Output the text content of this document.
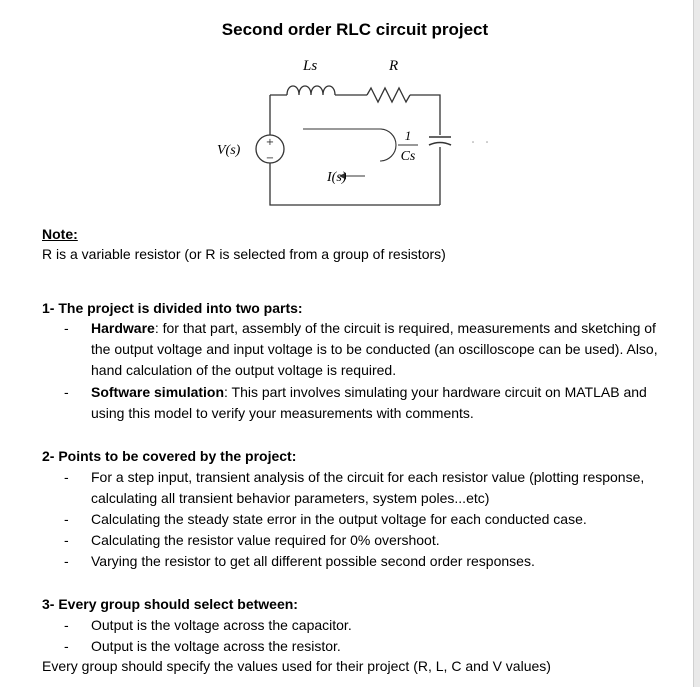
Second order RLC circuit project
+
−
Ls	R
V(s)
I(s)
1
Cs
Note:
R is a variable resistor (or R is selected from a group of resistors)
1- The project is divided into two parts:
- Hardware: for that part, assembly of the circuit is required, measurements and sketching of the output voltage and input voltage is to be conducted (an oscilloscope can be used). Also, hand calculation of the output voltage is required.
- Software simulation: This part involves simulating your hardware circuit on MATLAB and using this model to verify your measurements with comments.
2- Points to be covered by the project:
- For a step input, transient analysis of the circuit for each resistor value (plotting response, calculating all transient behavior parameters, system poles...etc)
- Calculating the steady state error in the output voltage for each conducted case.
- Calculating the resistor value required for 0% overshoot.
- Varying the resistor to get all different possible second order responses.
3- Every group should select between:
- Output is the voltage across the capacitor.
- Output is the voltage across the resistor.
Every group should specify the values used for their project (R, L, C and V values)
